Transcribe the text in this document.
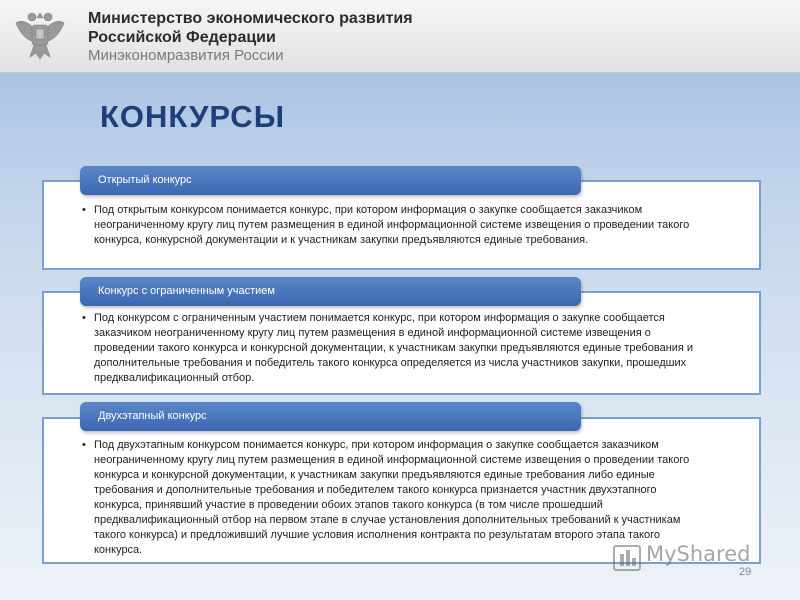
Министерство экономического развития
Российской Федерации
Минэкономразвития России
КОНКУРСЫ
Открытый конкурс
• Под открытым конкурсом понимается конкурс, при котором информация о закупке сообщается заказчиком неограниченному кругу лиц путем размещения в единой информационной системе извещения о проведении такого конкурса, конкурсной документации и к участникам закупки предъявляются единые требования.
Конкурс с ограниченным участием
• Под конкурсом с ограниченным участием понимается конкурс, при котором информация о закупке сообщается заказчиком неограниченному кругу лиц путем размещения в единой информационной системе извещения о проведении такого конкурса и конкурсной документации, к участникам закупки предъявляются единые требования и дополнительные требования и победитель такого конкурса определяется из числа участников закупки, прошедших предквалификационный отбор.
Двухэтапный конкурс
• Под двухэтапным конкурсом понимается конкурс, при котором информация о закупке сообщается заказчиком неограниченному кругу лиц путем размещения в единой информационной системе извещения о проведении такого конкурса и конкурсной документации, к участникам закупки предъявляются единые требования либо единые требования и дополнительные требования и победителем такого конкурса признается участник двухэтапного конкурса, принявший участие в проведении обоих этапов такого конкурса (в том числе прошедший предквалификационный отбор на первом этапе в случае установления дополнительных требований к участникам такого конкурса) и предложивший лучшие условия исполнения контракта по результатам второго этапа такого конкурса.	MyShared
29
